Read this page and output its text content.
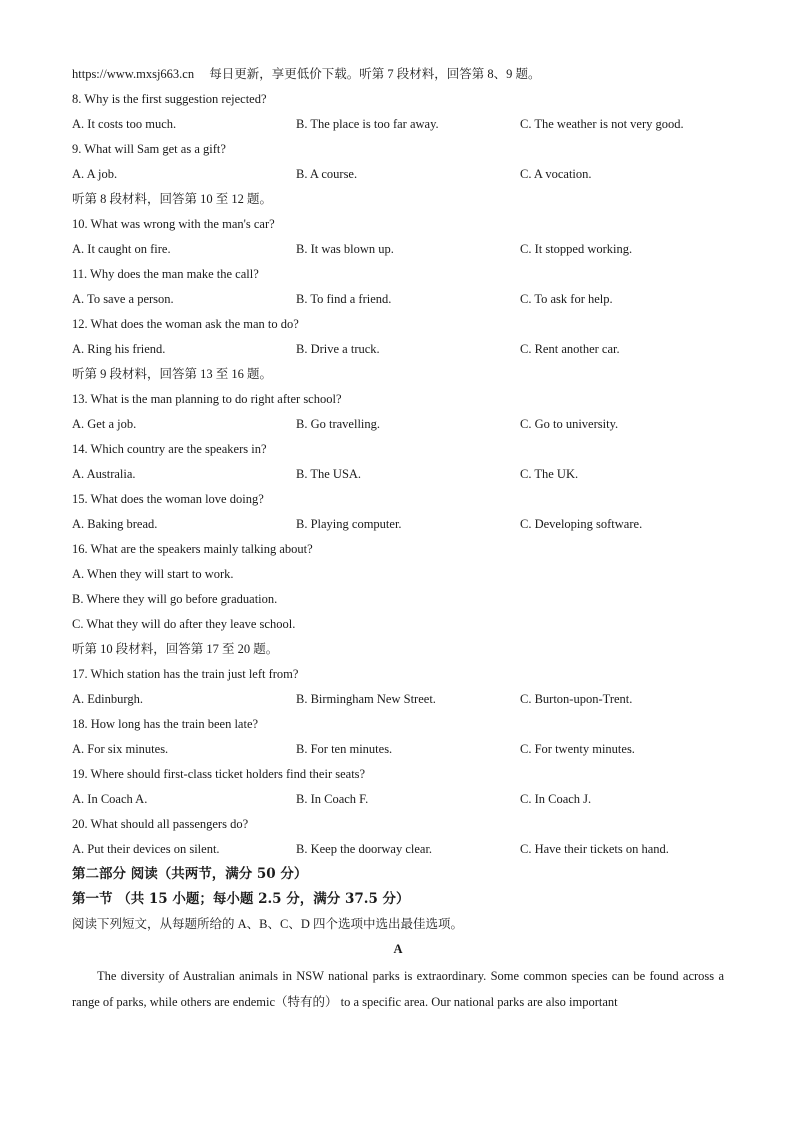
https://www.mxsj663.cn 每日更新，享更低价下载。听第 7 段材料，回答第 8、9 题。
8. Why is the first suggestion rejected?
A. It costs too much.	B. The place is too far away.	C. The weather is not very good.
9. What will Sam get as a gift?
A. A job.	B. A course.	C. A vocation.
听第 8 段材料，回答第 10 至 12 题。
10. What was wrong with the man's car?
A. It caught on fire.	B. It was blown up.	C. It stopped working.
11. Why does the man make the call?
A. To save a person.	B. To find a friend.	C. To ask for help.
12. What does the woman ask the man to do?
A. Ring his friend.	B. Drive a truck.	C. Rent another car.
听第 9 段材料，回答第 13 至 16 题。
13. What is the man planning to do right after school?
A. Get a job.	B. Go travelling.	C. Go to university.
14. Which country are the speakers in?
A. Australia.	B. The USA.	C. The UK.
15. What does the woman love doing?
A. Baking bread.	B. Playing computer.	C. Developing software.
16. What are the speakers mainly talking about?
A. When they will start to work.
B. Where they will go before graduation.
C. What they will do after they leave school.
听第 10 段材料，回答第 17 至 20 题。
17. Which station has the train just left from?
A. Edinburgh.	B. Birmingham New Street.	C. Burton-upon-Trent.
18. How long has the train been late?
A. For six minutes.	B. For ten minutes.	C. For twenty minutes.
19. Where should first-class ticket holders find their seats?
A. In Coach A.	B. In Coach F.	C. In Coach J.
20. What should all passengers do?
A. Put their devices on silent.	B. Keep the doorway clear.	C. Have their tickets on hand.
第二部分 阅读（共两节，满分 50 分）
第一节 （共 15 小题；每小题 2.5 分，满分 37.5 分）
阅读下列短文，从每题所给的 A、B、C、D 四个选项中选出最佳选项。
A
The diversity of Australian animals in NSW national parks is extraordinary. Some common species can be found across a range of parks, while others are endemic（特有的） to a specific area. Our national parks are also important
